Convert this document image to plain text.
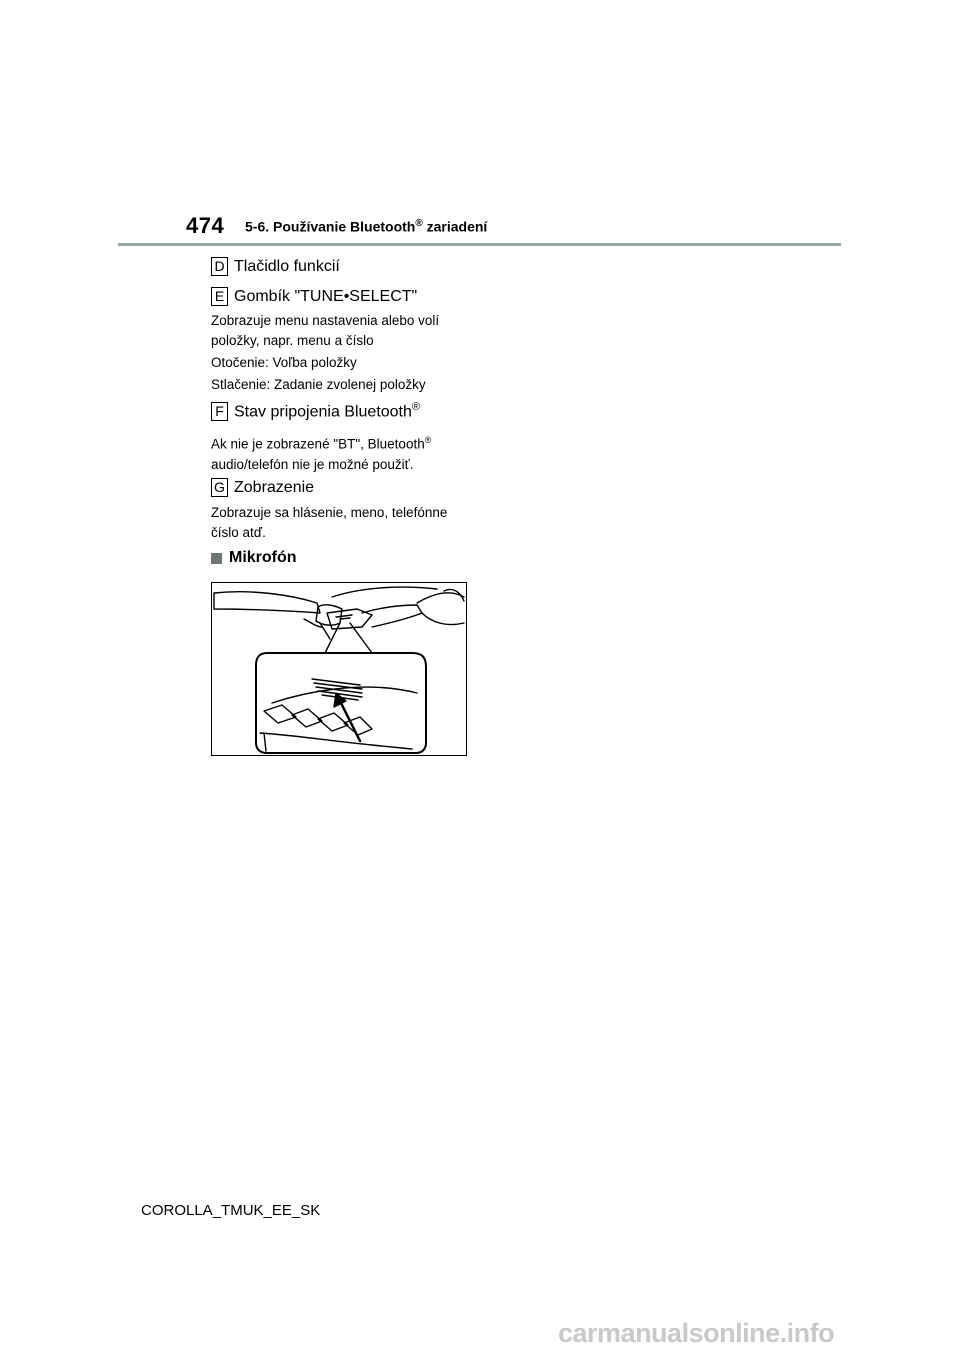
474 5-6. Používanie Bluetooth® zariadení
D Tlačidlo funkcií
E Gombík "TUNE•SELECT"
Zobrazuje menu nastavenia alebo volí
položky, napr. menu a číslo
Otočenie: Voľba položky
Stlačenie: Zadanie zvolenej položky
F Stav pripojenia Bluetooth®
Ak nie je zobrazené "BT", Bluetooth®
audio/telefón nie je možné použiť.
G Zobrazenie
Zobrazuje sa hlásenie, meno, telefónne
číslo atď.
Mikrofón
COROLLA_TMUK_EE_SK
carmanualsonline.info
